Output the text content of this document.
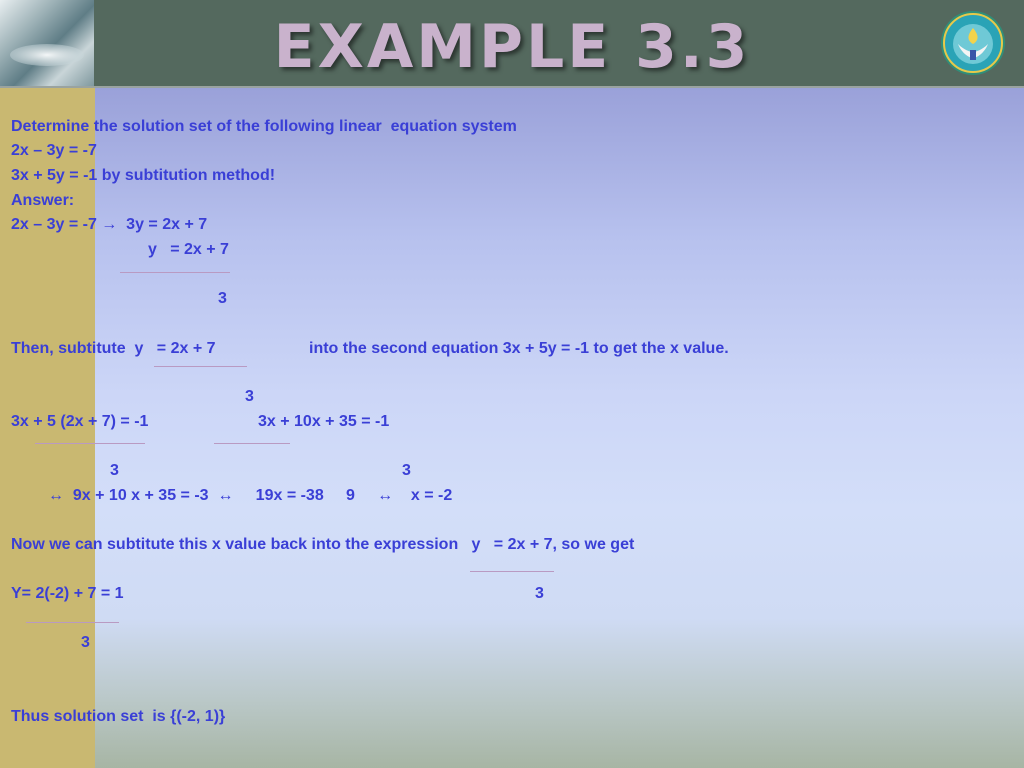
EXAMPLE 3.3
Determine the solution set of the following linear  equation system
2x – 3y = -7
3x + 5y = -1 by subtitution method!
Answer:
2x – 3y = -7 →  3y = 2x + 7
y   = 2x + 7
3
Then, subtitute  y   = 2x + 7	into the second equation 3x + 5y = -1 to get the x value.
3
3x + 5 (2x + 7) = -1	3x + 10x + 35 = -1
3	3
↔  9x + 10 x + 35 = -3  ↔     19x = -38     9     ↔    x = -2
Now we can subtitute this x value back into the expression   y   = 2x + 7, so we get
Y= 2(-2) + 7 = 1	3
3
Thus solution set  is {(-2, 1)}
